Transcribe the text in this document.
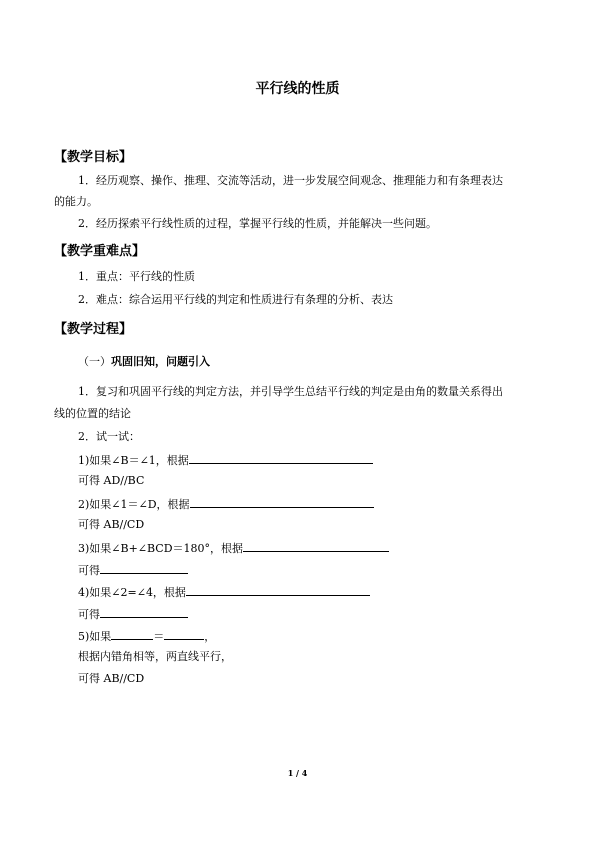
平行线的性质
【教学目标】
1．经历观察、操作、推理、交流等活动，进一步发展空间观念、推理能力和有条理表达
的能力。
2．经历探索平行线性质的过程，掌握平行线的性质，并能解决一些问题。
【教学重难点】
1．重点：平行线的性质
2．难点：综合运用平行线的判定和性质进行有条理的分析、表达
【教学过程】
（一）巩固旧知，问题引入
1．复习和巩固平行线的判定方法，并引导学生总结平行线的判定是由角的数量关系得出
线的位置的结论
2．试一试：
1)如果∠B＝∠1，根据
可得 AD//BC
2)如果∠1＝∠D，根据
可得 AB//CD
3)如果∠B+∠BCD＝180°，根据
可得
4)如果∠2=∠4，根据
可得
5)如果	＝	，
根据内错角相等，两直线平行，
可得 AB//CD
1 / 4
